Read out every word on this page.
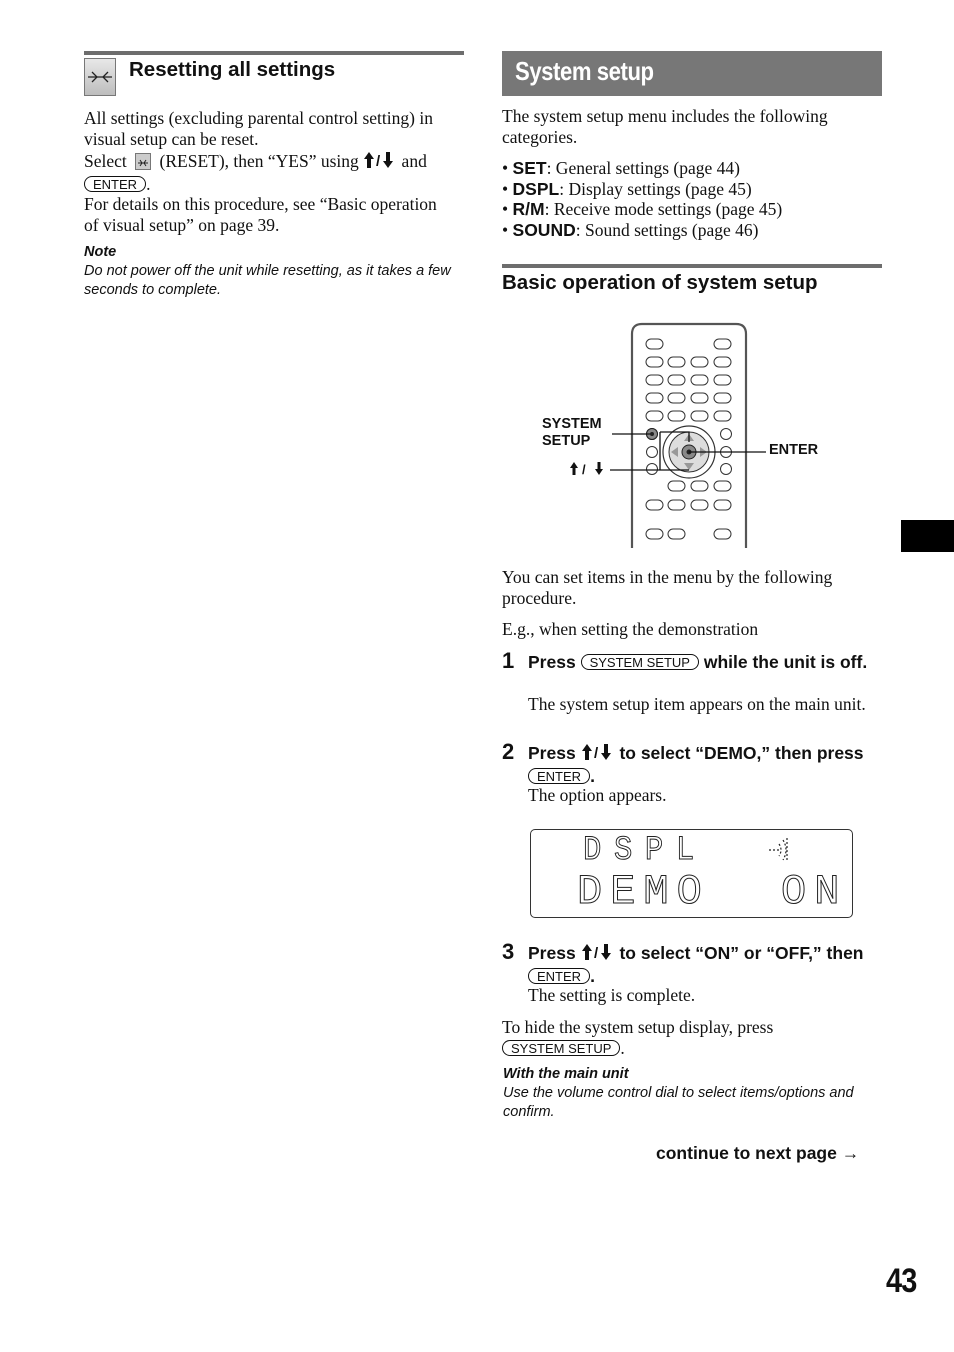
Resetting all settings
All settings (excluding parental control setting) in visual setup can be reset.
Select (RESET), then “YES” using / and
ENTER .
For details on this procedure, see “Basic operation of visual setup” on page 39.
Note
Do not power off the unit while resetting, as it takes a few seconds to complete.
System setup
The system setup menu includes the following categories.
• SET: General settings (page 44)
• DSPL: Display settings (page 45)
• R/M: Receive mode settings (page 45)
• SOUND: Sound settings (page 46)
Basic operation of system setup
/
SYSTEM
SETUP
ENTER
You can set items in the menu by the following procedure.
E.g., when setting the demonstration
1 Press SYSTEM SETUP while the unit is off.
The system setup item appears on the main unit.
2 Press / to select “DEMO,” then press ENTER .
The option appears.
DSPL
DEMO ON
3 Press / to select “ON” or “OFF,” then ENTER .
The setting is complete.
To hide the system setup display, press
SYSTEM SETUP .
With the main unit
Use the volume control dial to select items/options and confirm.
continue to next page →
43
